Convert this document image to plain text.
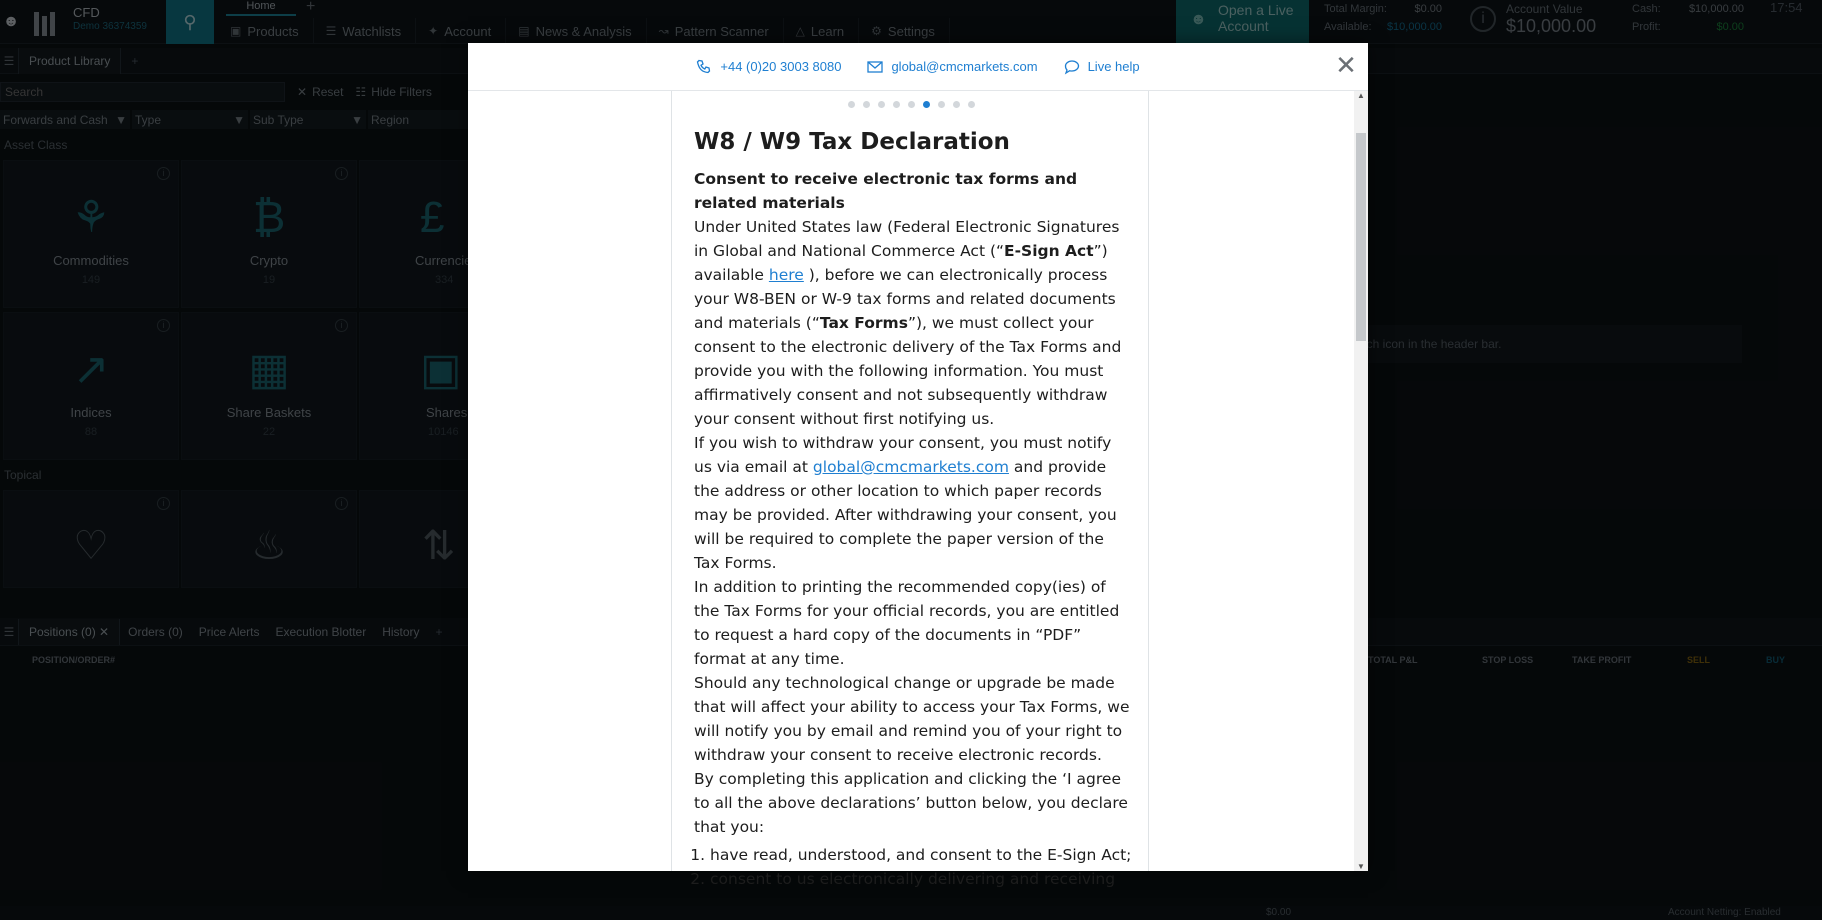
Search
+44 (0)20 3003 8080	global@cmcmarkets.com	Live help	✕
W8 / W9 Tax Declaration
Consent to receive electronic tax forms and related materials
Under United States law (Federal Electronic Signatures in Global and National Commerce Act (“E-Sign Act”) available here ), before we can electronically process your W8-BEN or W-9 tax forms and related documents and materials (“Tax Forms”), we must collect your consent to the electronic delivery of the Tax Forms and provide you with the following information. You must affirmatively consent and not subsequently withdraw your consent without first notifying us.
If you wish to withdraw your consent, you must notify us via email at global@cmcmarkets.com and provide the address or other location to which paper records may be provided. After withdrawing your consent, you will be required to complete the paper version of the Tax Forms.
In addition to printing the recommended copy(ies) of the Tax Forms for your official records, you are entitled to request a hard copy of the documents in “PDF” format at any time.
Should any technological change or upgrade be made that will affect your ability to access your Tax Forms, we will notify you by email and remind you of your right to withdraw your consent to receive electronic records.
By completing this application and clicking the ‘I agree to all the above declarations’ button below, you declare that you:
1. have read, understood, and consent to the E-Sign Act;
2. consent to us electronically delivering and receiving
▲
▼
